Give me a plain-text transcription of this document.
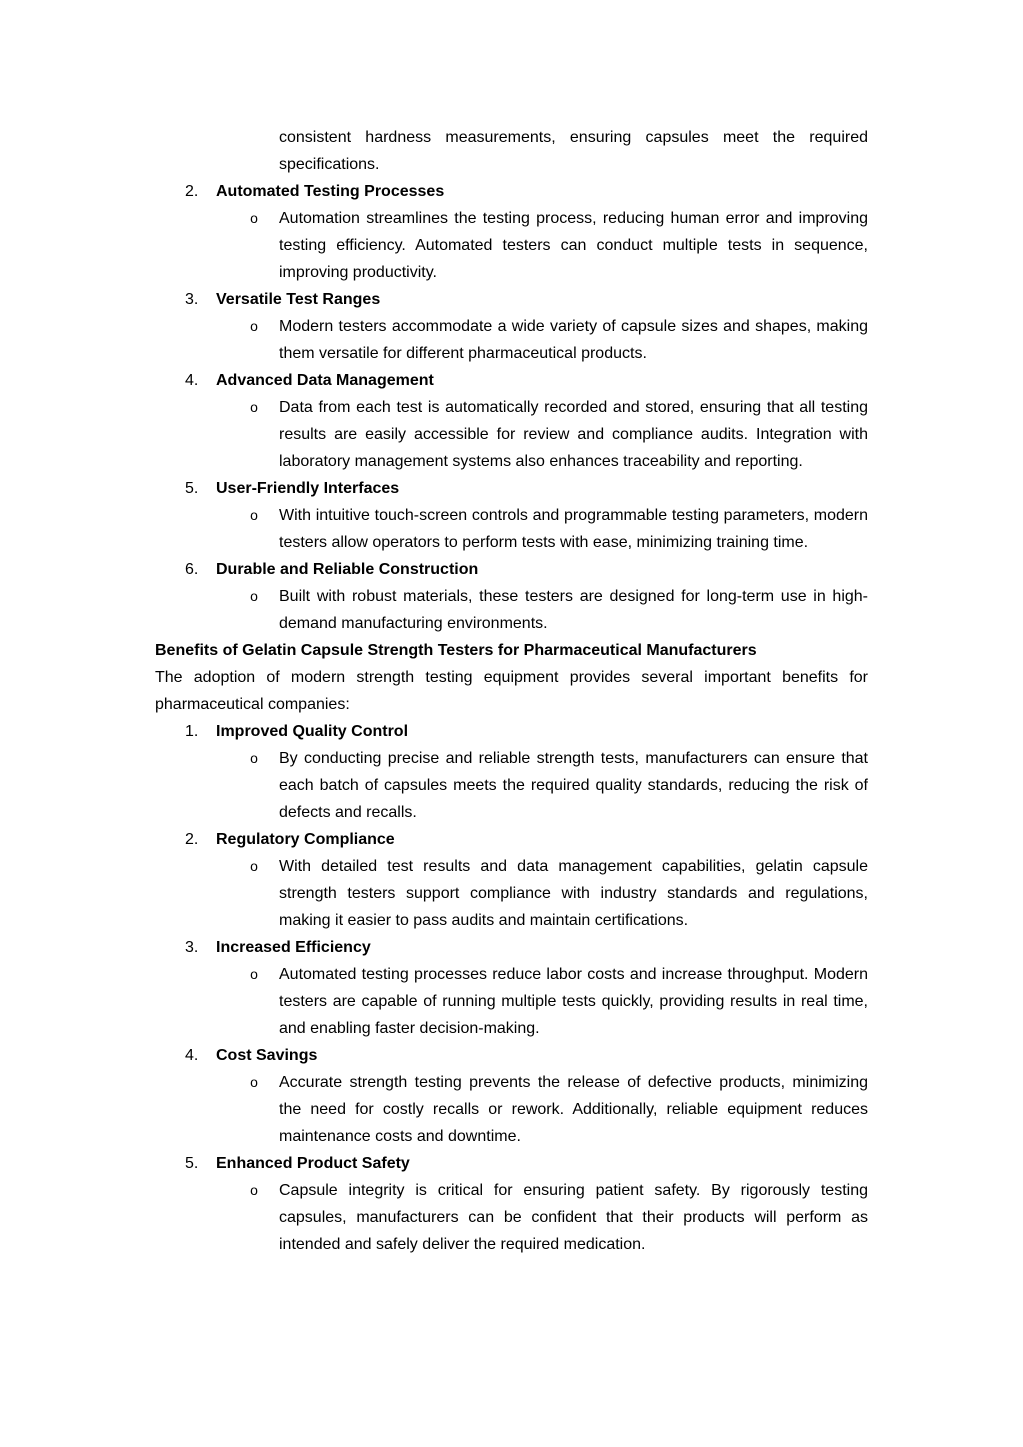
consistent hardness measurements, ensuring capsules meet the required specifications.
2.	Automated Testing Processes
o Automation streamlines the testing process, reducing human error and improving testing efficiency. Automated testers can conduct multiple tests in sequence, improving productivity.
3.	Versatile Test Ranges
o Modern testers accommodate a wide variety of capsule sizes and shapes, making them versatile for different pharmaceutical products.
4.	Advanced Data Management
o Data from each test is automatically recorded and stored, ensuring that all testing results are easily accessible for review and compliance audits. Integration with laboratory management systems also enhances traceability and reporting.
5.	User-Friendly Interfaces
o With intuitive touch-screen controls and programmable testing parameters, modern testers allow operators to perform tests with ease, minimizing training time.
6.	Durable and Reliable Construction
o Built with robust materials, these testers are designed for long-term use in high-demand manufacturing environments.
Benefits of Gelatin Capsule Strength Testers for Pharmaceutical Manufacturers
The adoption of modern strength testing equipment provides several important benefits for pharmaceutical companies:
1.	Improved Quality Control
o By conducting precise and reliable strength tests, manufacturers can ensure that each batch of capsules meets the required quality standards, reducing the risk of defects and recalls.
2.	Regulatory Compliance
o With detailed test results and data management capabilities, gelatin capsule strength testers support compliance with industry standards and regulations, making it easier to pass audits and maintain certifications.
3.	Increased Efficiency
o Automated testing processes reduce labor costs and increase throughput. Modern testers are capable of running multiple tests quickly, providing results in real time, and enabling faster decision-making.
4.	Cost Savings
o Accurate strength testing prevents the release of defective products, minimizing the need for costly recalls or rework. Additionally, reliable equipment reduces maintenance costs and downtime.
5.	Enhanced Product Safety
o Capsule integrity is critical for ensuring patient safety. By rigorously testing capsules, manufacturers can be confident that their products will perform as intended and safely deliver the required medication.
